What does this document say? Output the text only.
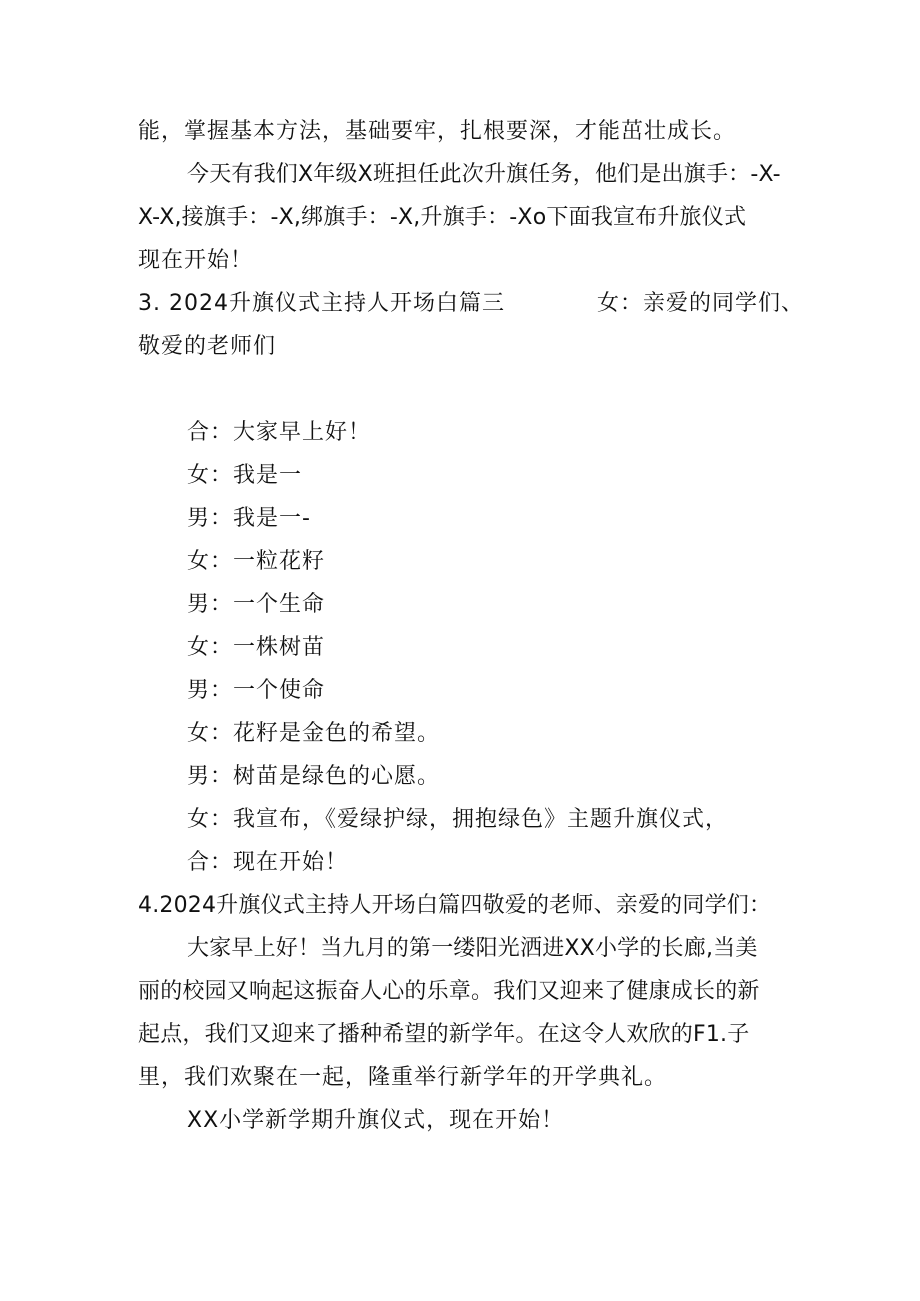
能，掌握基本方法，基础要牢，扎根要深，才能茁壮成长。
今天有我们X年级X班担任此次升旗任务，他们是出旗手：-X-
X-X,接旗手：-X,绑旗手：-X,升旗手：-Xo下面我宣布升旅仪式
现在开始！
3. 2024升旗仪式主持人开场白篇三　　　　女：亲爱的同学们、
敬爱的老师们
合：大家早上好！
女：我是一
男：我是一-
女：一粒花籽
男：一个生命
女：一株树苗
男：一个使命
女：花籽是金色的希望。
男：树苗是绿色的心愿。
女：我宣布，《爱绿护绿，拥抱绿色》主题升旗仪式，
合：现在开始！
4.2024升旗仪式主持人开场白篇四敬爱的老师、亲爱的同学们：
大家早上好！当九月的第一缕阳光洒进XX小学的长廊,当美
丽的校园又响起这振奋人心的乐章。我们又迎来了健康成长的新
起点，我们又迎来了播种希望的新学年。在这令人欢欣的F1.子
里，我们欢聚在一起，隆重举行新学年的开学典礼。
XX小学新学期升旗仪式，现在开始！
